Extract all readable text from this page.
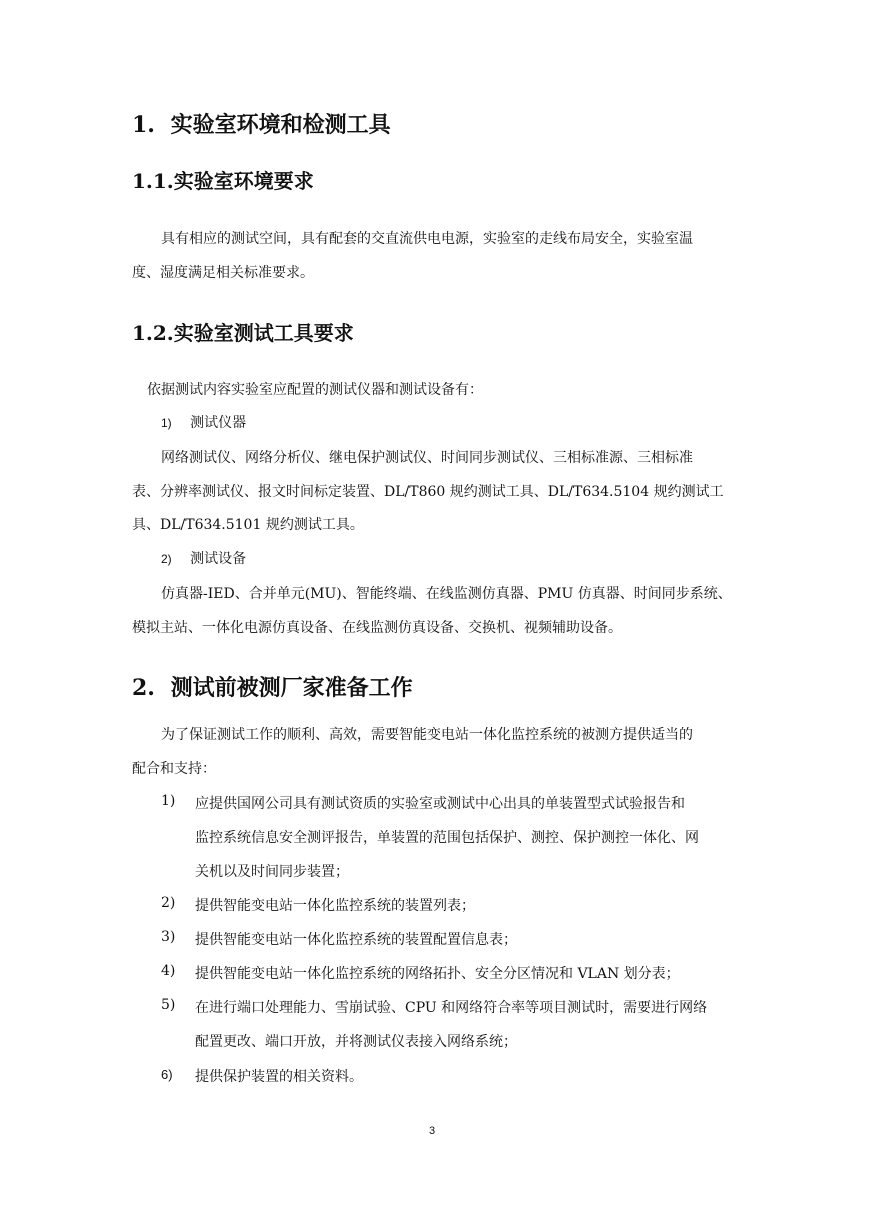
1. 实验室环境和检测工具
1.1.实验室环境要求
具有相应的测试空间，具有配套的交直流供电电源，实验室的走线布局安全，实验室温
度、湿度满足相关标准要求。
1.2.实验室测试工具要求
依据测试内容实验室应配置的测试仪器和测试设备有：
1) 测试仪器
网络测试仪、网络分析仪、继电保护测试仪、时间同步测试仪、三相标准源、三相标准
表、分辨率测试仪、报文时间标定装置、DL/T860 规约测试工具、DL/T634.5104 规约测试工
具、DL/T634.5101 规约测试工具。
2) 测试设备
仿真器-IED、合并单元(MU)、智能终端、在线监测仿真器、PMU 仿真器、时间同步系统、
模拟主站、一体化电源仿真设备、在线监测仿真设备、交换机、视频辅助设备。
2. 测试前被测厂家准备工作
为了保证测试工作的顺利、高效，需要智能变电站一体化监控系统的被测方提供适当的
配合和支持：
1) 应提供国网公司具有测试资质的实验室或测试中心出具的单装置型式试验报告和
监控系统信息安全测评报告，单装置的范围包括保护、测控、保护测控一体化、网
关机以及时间同步装置；
2) 提供智能变电站一体化监控系统的装置列表；
3) 提供智能变电站一体化监控系统的装置配置信息表；
4) 提供智能变电站一体化监控系统的网络拓扑、安全分区情况和 VLAN 划分表；
5) 在进行端口处理能力、雪崩试验、CPU 和网络符合率等项目测试时，需要进行网络
配置更改、端口开放，并将测试仪表接入网络系统；
6) 提供保护装置的相关资料。
3
